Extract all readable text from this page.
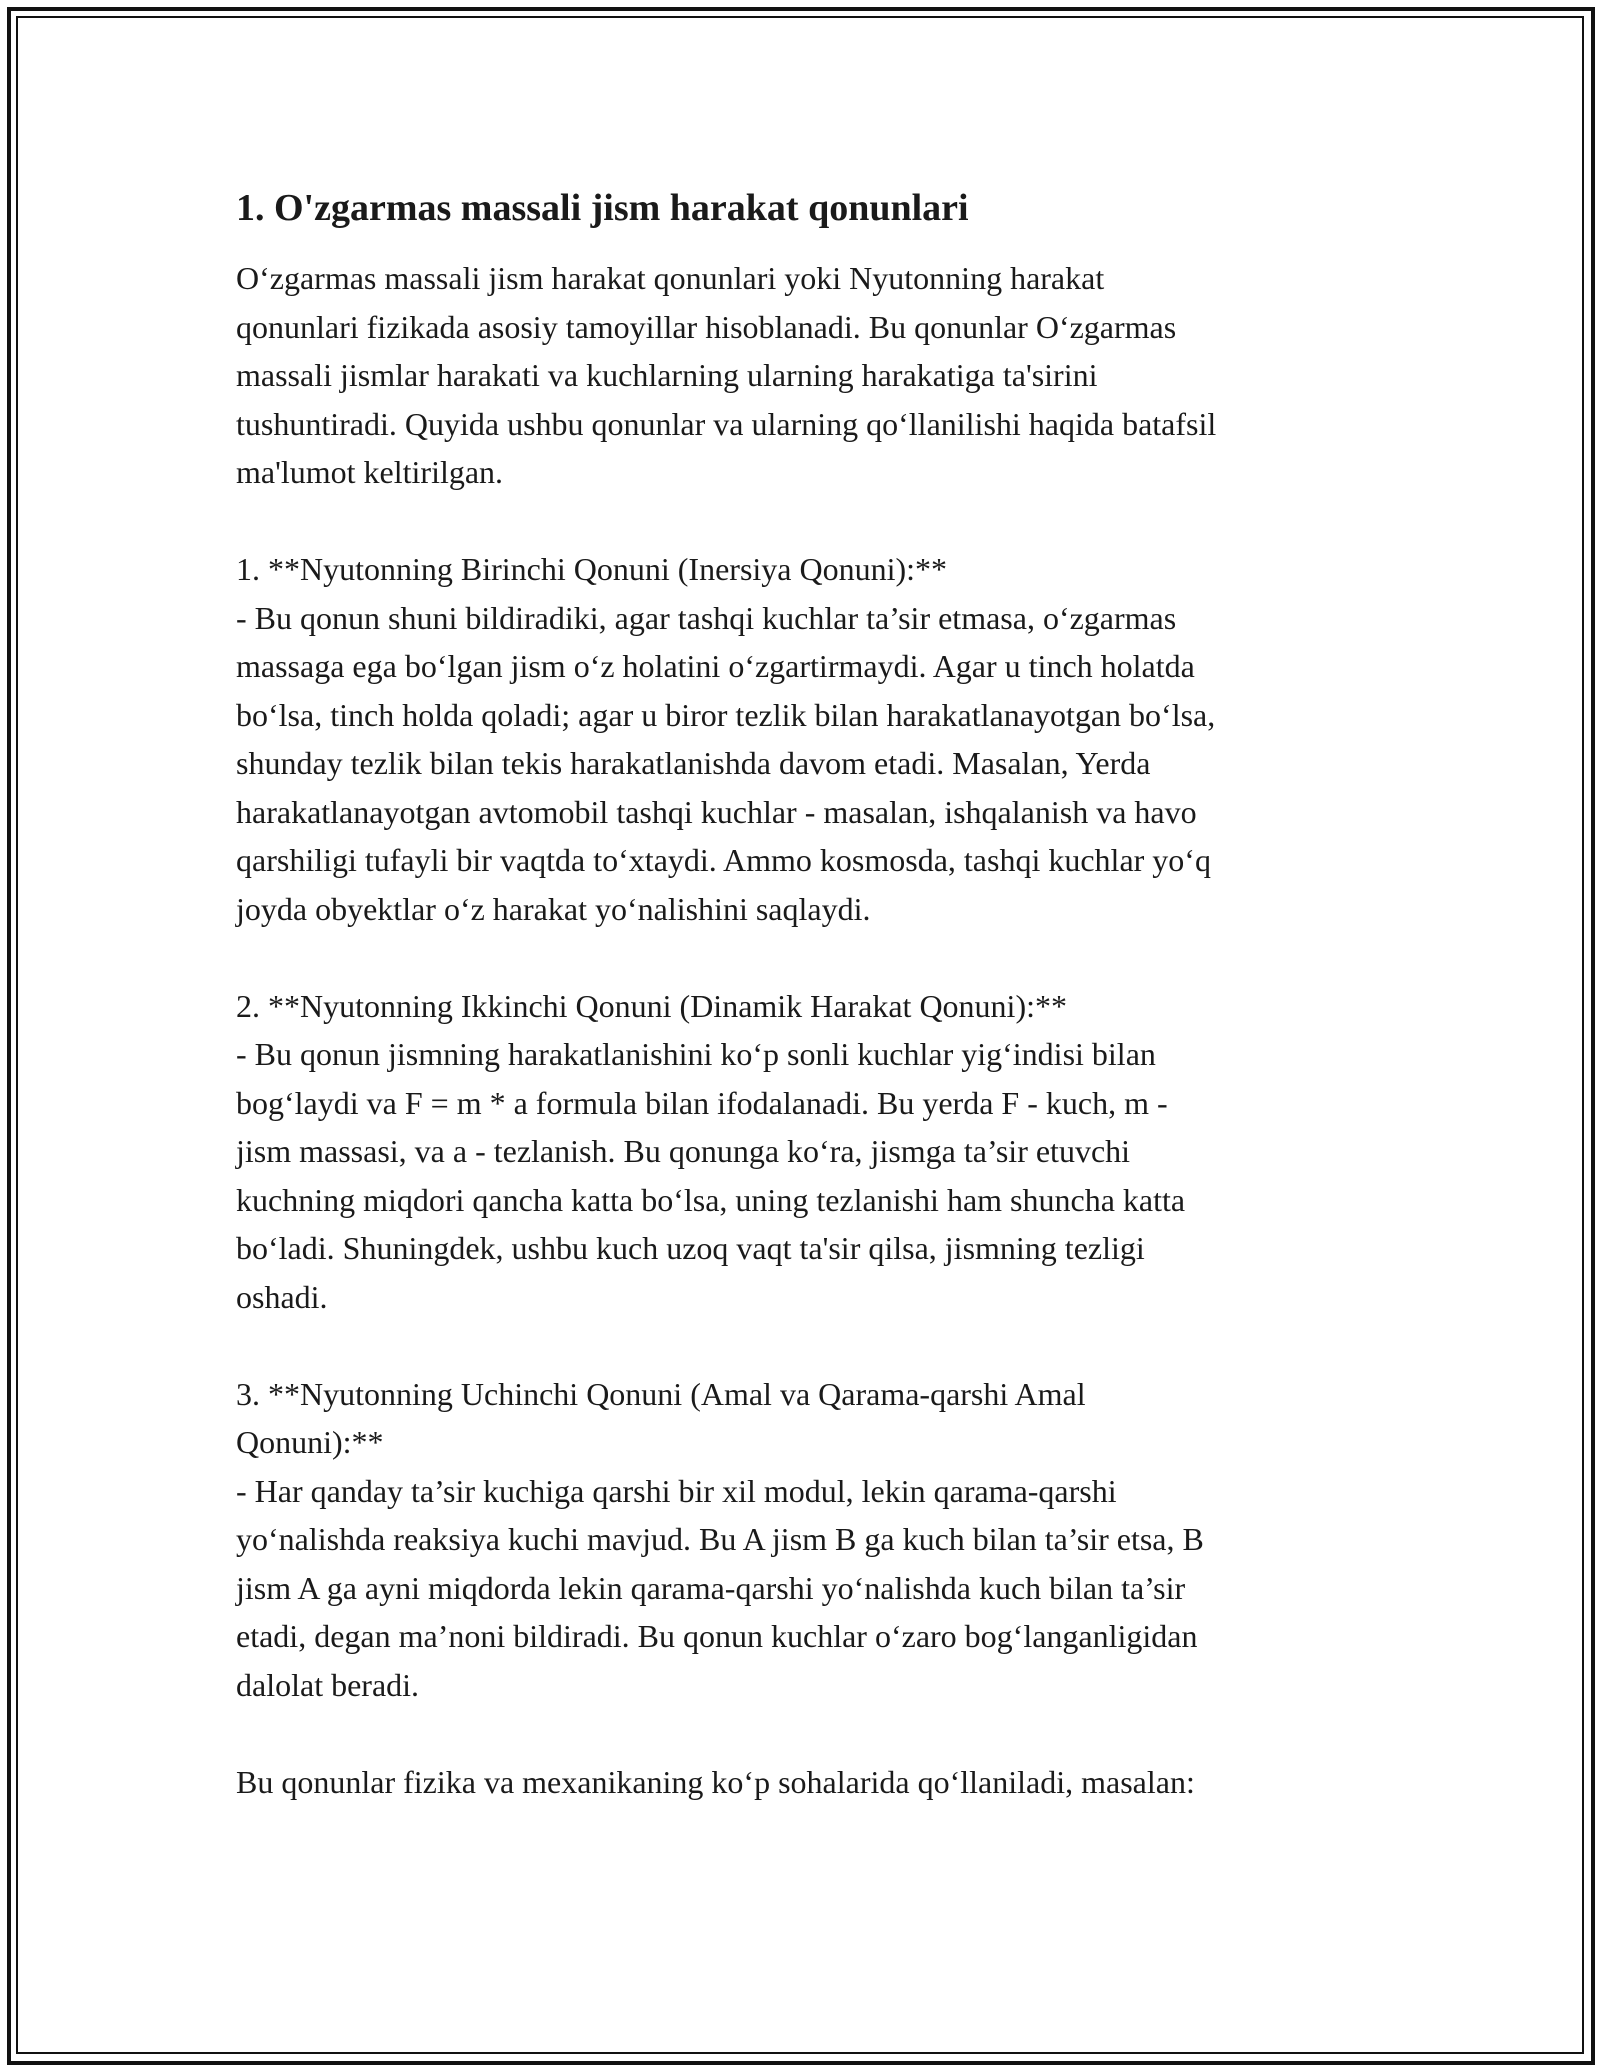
1. O'zgarmas massali jism harakat qonunlari

O‘zgarmas massali jism harakat qonunlari yoki Nyutonning harakat
qonunlari fizikada asosiy tamoyillar hisoblanadi. Bu qonunlar O‘zgarmas
massali jismlar harakati va kuchlarning ularning harakatiga ta'sirini
tushuntiradi. Quyida ushbu qonunlar va ularning qo‘llanilishi haqida batafsil
ma'lumot keltirilgan.

1. **Nyutonning Birinchi Qonuni (Inersiya Qonuni):**
- Bu qonun shuni bildiradiki, agar tashqi kuchlar ta’sir etmasa, o‘zgarmas
massaga ega bo‘lgan jism o‘z holatini o‘zgartirmaydi. Agar u tinch holatda
bo‘lsa, tinch holda qoladi; agar u biror tezlik bilan harakatlanayotgan bo‘lsa,
shunday tezlik bilan tekis harakatlanishda davom etadi. Masalan, Yerda
harakatlanayotgan avtomobil tashqi kuchlar - masalan, ishqalanish va havo
qarshiligi tufayli bir vaqtda to‘xtaydi. Ammo kosmosda, tashqi kuchlar yo‘q
joyda obyektlar o‘z harakat yo‘nalishini saqlaydi.

2. **Nyutonning Ikkinchi Qonuni (Dinamik Harakat Qonuni):**
- Bu qonun jismning harakatlanishini ko‘p sonli kuchlar yig‘indisi bilan
bog‘laydi va F = m * a formula bilan ifodalanadi. Bu yerda F - kuch, m -
jism massasi, va a - tezlanish. Bu qonunga ko‘ra, jismga ta’sir etuvchi
kuchning miqdori qancha katta bo‘lsa, uning tezlanishi ham shuncha katta
bo‘ladi. Shuningdek, ushbu kuch uzoq vaqt ta'sir qilsa, jismning tezligi
oshadi.

3. **Nyutonning Uchinchi Qonuni (Amal va Qarama-qarshi Amal
Qonuni):**
- Har qanday ta’sir kuchiga qarshi bir xil modul, lekin qarama-qarshi
yo‘nalishda reaksiya kuchi mavjud. Bu A jism B ga kuch bilan ta’sir etsa, B
jism A ga ayni miqdorda lekin qarama-qarshi yo‘nalishda kuch bilan ta’sir
etadi, degan ma’noni bildiradi. Bu qonun kuchlar o‘zaro bog‘langanligidan
dalolat beradi.

Bu qonunlar fizika va mexanikaning ko‘p sohalarida qo‘llaniladi, masalan:
